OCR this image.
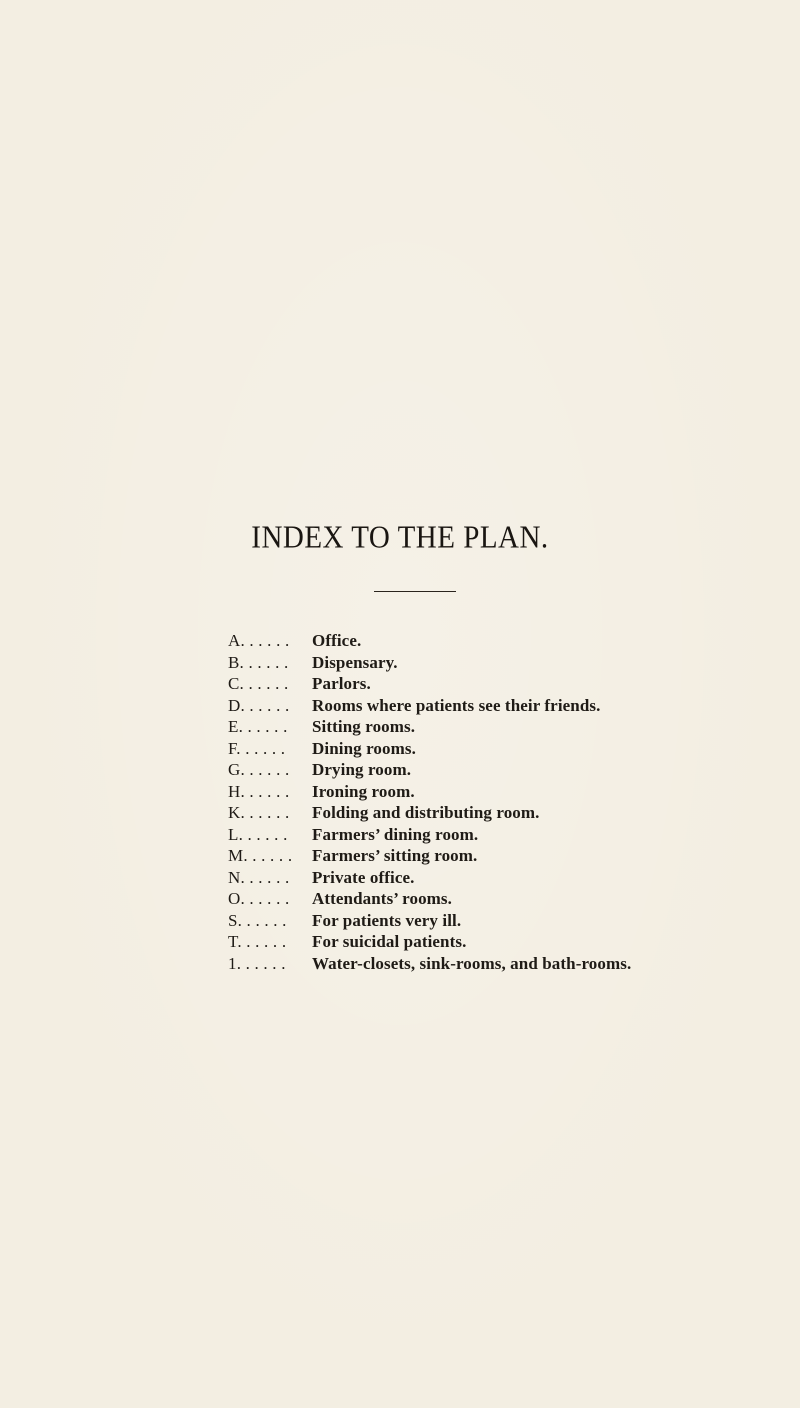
INDEX TO THE PLAN.
A. . . . . .	Office.
B. . . . . .	Dispensary.
C. . . . . .	Parlors.
D. . . . . .	Rooms where patients see their friends.
E. . . . . .	Sitting rooms.
F. . . . . .	Dining rooms.
G. . . . . .	Drying room.
H. . . . . .	Ironing room.
K. . . . . .	Folding and distributing room.
L. . . . . .	Farmers’ dining room.
M. . . . . .	Farmers’ sitting room.
N. . . . . .	Private office.
O. . . . . .	Attendants’ rooms.
S. . . . . .	For patients very ill.
T. . . . . .	For suicidal patients.
1. . . . . .	Water-closets, sink-rooms, and bath-rooms.
